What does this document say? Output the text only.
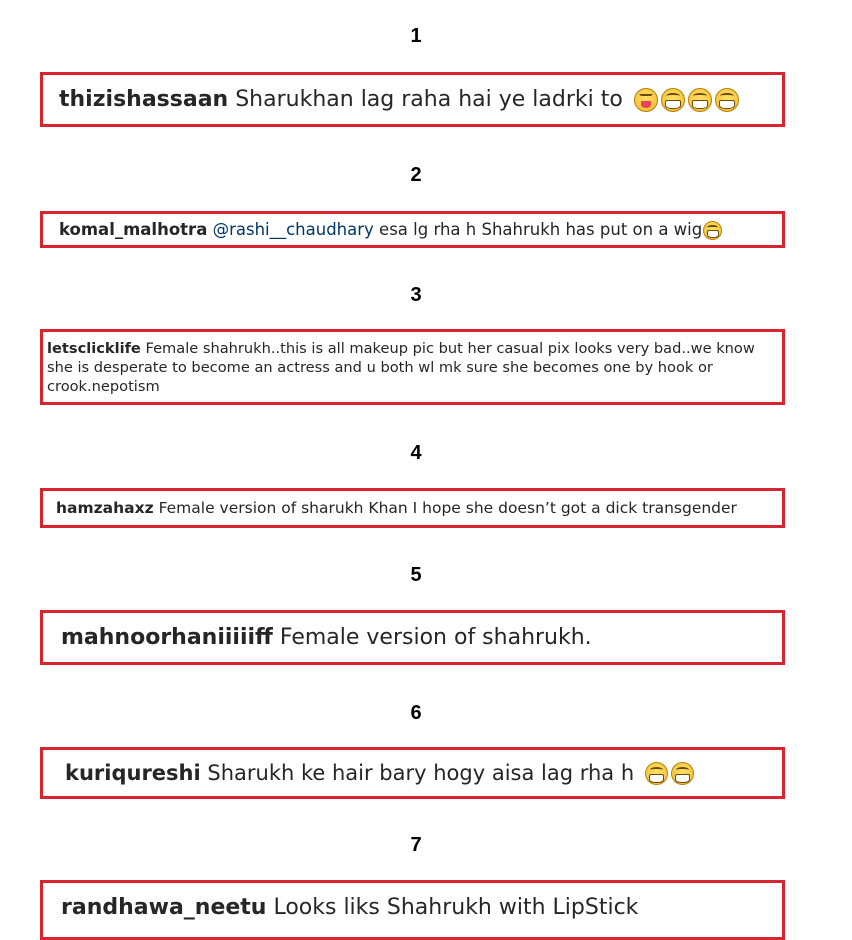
1
thizishassaan Sharukhan lag raha hai ye ladrki to
2
komal_malhotra @rashi__chaudhary esa lg rha h Shahrukh has put on a wig
3
letsclicklife Female shahrukh..this is all makeup pic but her casual pix looks very bad..we know she is desperate to become an actress and u both wl mk sure she becomes one by hook or crook.nepotism
4
hamzahaxz Female version of sharukh Khan I hope she doesn’t got a dick transgender
5
mahnoorhaniiiiiff Female version of shahrukh.
6
kuriqureshi Sharukh ke hair bary hogy aisa lag rha h
7
randhawa_neetu Looks liks Shahrukh with LipStick
